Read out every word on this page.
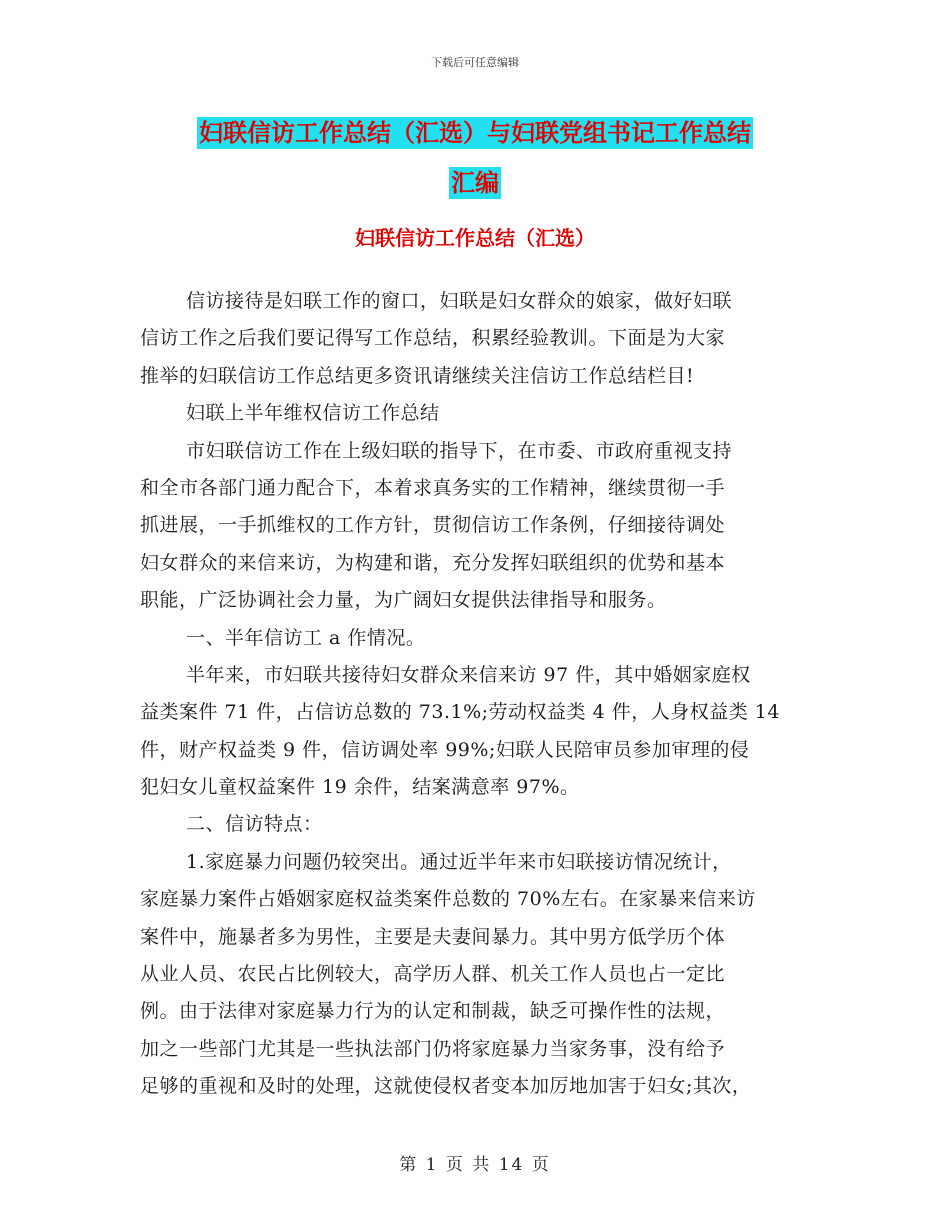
下载后可任意编辑
妇联信访工作总结（汇选）与妇联党组书记工作总结
汇编
妇联信访工作总结（汇选）
信访接待是妇联工作的窗口，妇联是妇女群众的娘家，做好妇联
信访工作之后我们要记得写工作总结，积累经验教训。下面是为大家
推举的妇联信访工作总结更多资讯请继续关注信访工作总结栏目!
妇联上半年维权信访工作总结
市妇联信访工作在上级妇联的指导下，在市委、市政府重视支持
和全市各部门通力配合下，本着求真务实的工作精神，继续贯彻一手
抓进展，一手抓维权的工作方针，贯彻信访工作条例，仔细接待调处
妇女群众的来信来访，为构建和谐，充分发挥妇联组织的优势和基本
职能，广泛协调社会力量，为广阔妇女提供法律指导和服务。
一、半年信访工 a 作情况。
半年来，市妇联共接待妇女群众来信来访 97 件，其中婚姻家庭权
益类案件 71 件，占信访总数的 73.1%;劳动权益类 4 件，人身权益类 14
件，财产权益类 9 件，信访调处率 99%;妇联人民陪审员参加审理的侵
犯妇女儿童权益案件 19 余件，结案满意率 97%。
二、信访特点：
1.家庭暴力问题仍较突出。通过近半年来市妇联接访情况统计，
家庭暴力案件占婚姻家庭权益类案件总数的 70%左右。在家暴来信来访
案件中，施暴者多为男性，主要是夫妻间暴力。其中男方低学历个体
从业人员、农民占比例较大，高学历人群、机关工作人员也占一定比
例。由于法律对家庭暴力行为的认定和制裁，缺乏可操作性的法规，
加之一些部门尤其是一些执法部门仍将家庭暴力当家务事，没有给予
足够的重视和及时的处理，这就使侵权者变本加厉地加害于妇女;其次，
第 1 页 共 14 页
